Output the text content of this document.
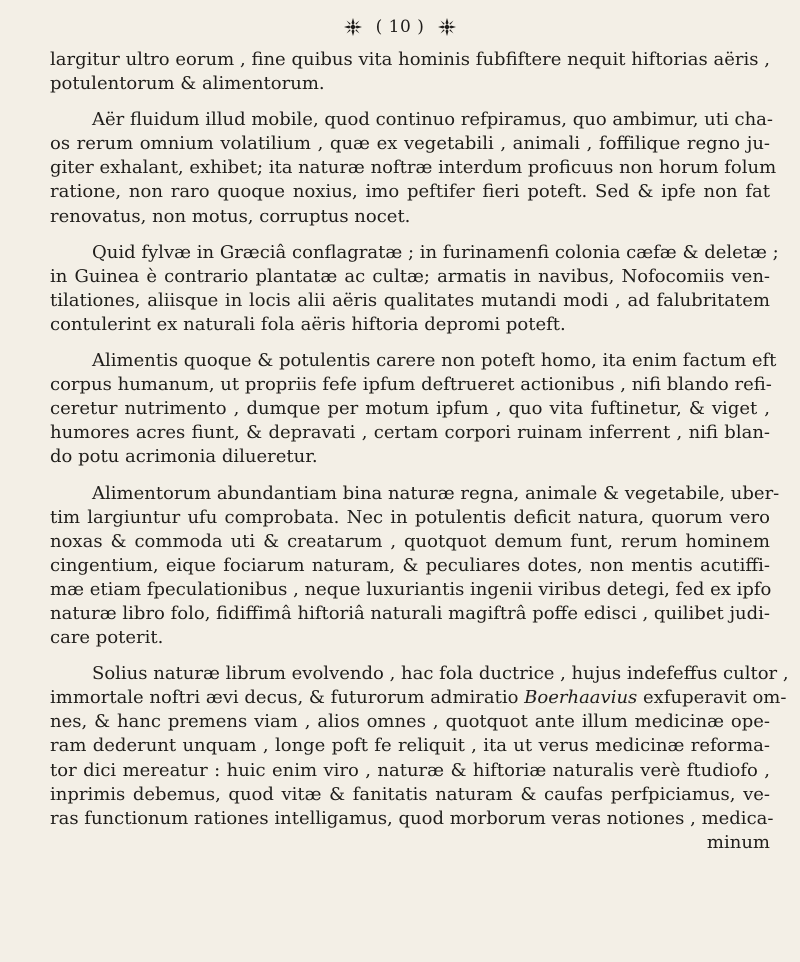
( 10 )
largitur ultro eorum , fine quibus vita hominis fubfiftere nequit hiftorias aëris ,
potulentorum & alimentorum.
Aër fluidum illud mobile, quod continuo refpiramus, quo ambimur, uti cha-
os rerum omnium volatilium , quæ ex vegetabili , animali , foffilique regno ju-
giter exhalant, exhibet; ita naturæ noftræ interdum proficuus non horum folum
ratione, non raro quoque noxius, imo peftifer fieri poteft. Sed & ipfe non fat
renovatus, non motus, corruptus nocet.
Quid fylvæ in Græciâ conflagratæ ; in furinamenfi colonia cæfæ & deletæ ;
in Guinea è contrario plantatæ ac cultæ; armatis in navibus, Nofocomiis ven-
tilationes, aliisque in locis alii aëris qualitates mutandi modi , ad falubritatem
contulerint ex naturali fola aëris hiftoria depromi poteft.
Alimentis quoque & potulentis carere non poteft homo, ita enim factum eft
corpus humanum, ut propriis fefe ipfum deftrueret actionibus , nifi blando refi-
ceretur nutrimento , dumque per motum ipfum , quo vita fuftinetur, & viget ,
humores acres fiunt, & depravati , certam corpori ruinam inferrent , nifi blan-
do potu acrimonia dilueretur.
Alimentorum abundantiam bina naturæ regna, animale & vegetabile, uber-
tim largiuntur ufu comprobata. Nec in potulentis deficit natura, quorum vero
noxas & commoda uti & creatarum , quotquot demum funt, rerum hominem
cingentium, eique fociarum naturam, & peculiares dotes, non mentis acutiffi-
mæ etiam fpeculationibus , neque luxuriantis ingenii viribus detegi, fed ex ipfo
naturæ libro folo, fidiffimâ hiftoriâ naturali magiftrâ poffe edisci , quilibet judi-
care poterit.
Solius naturæ librum evolvendo , hac fola ductrice , hujus indefeffus cultor ,
immortale noftri ævi decus, & futurorum admiratio Boerhaavius exfuperavit om-
nes, & hanc premens viam , alios omnes , quotquot ante illum medicinæ ope-
ram dederunt unquam , longe poft fe reliquit , ita ut verus medicinæ reforma-
tor dici mereatur : huic enim viro , naturæ & hiftoriæ naturalis verè ftudiofo ,
inprimis debemus, quod vitæ & fanitatis naturam & caufas perfpiciamus, ve-
ras functionum rationes intelligamus, quod morborum veras notiones , medica-
minum
